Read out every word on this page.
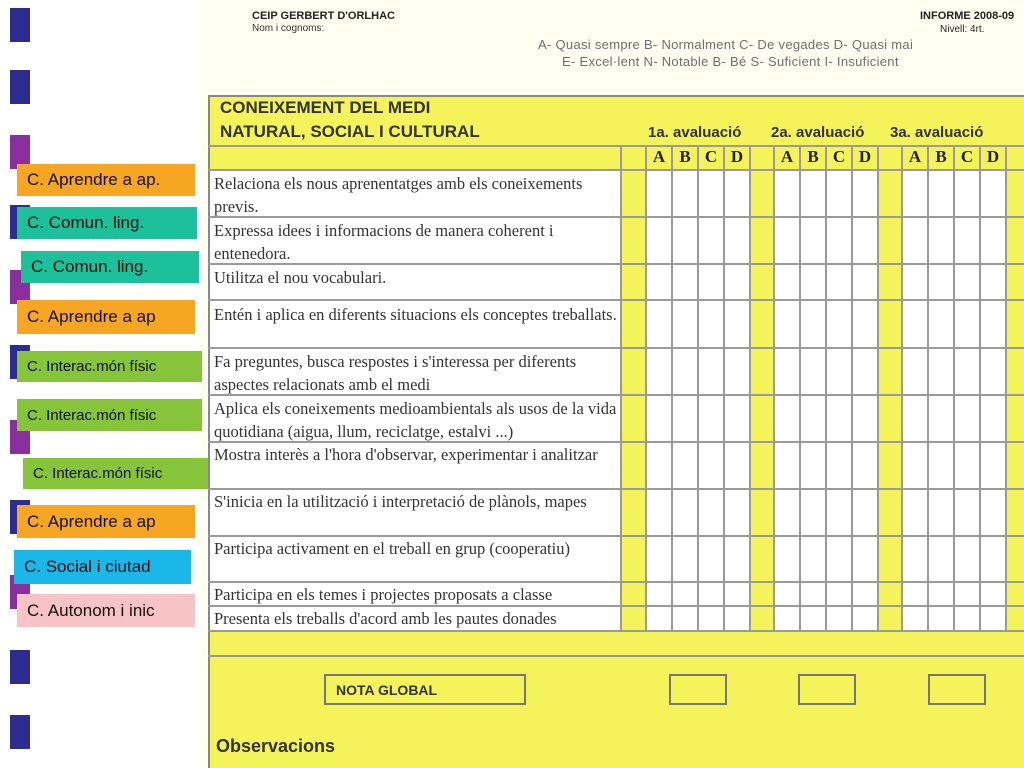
CEIP GERBERT D'ORLHAC
Nom i cognoms:
INFORME 2008-09
Nivell: 4rt.
A- Quasi sempre B- Normalment C- De vegades D- Quasi mai
E- Excel·lent N- Notable B- Bé S- Suficient I- Insuficient
CONEIXEMENT DEL MEDI
NATURAL, SOCIAL I CULTURAL	1a. avaluació 2a. avaluació 3a. avaluació
A B C D	A B C D	A B C D
Relaciona els nous aprenentatges amb els coneixements previs.
Expressa idees i informacions de manera coherent i entenedora.
Utilitza el nou vocabulari.
Entén i aplica en diferents situacions els conceptes treballats.
Fa preguntes, busca respostes i s'interessa per diferents aspectes relacionats amb el medi
Aplica els coneixements medioambientals als usos de la vida quotidiana (aigua, llum, reciclatge, estalvi ...)
Mostra interès a l'hora d'observar, experimentar i analitzar
S'inicia en la utilització i interpretació de plànols, mapes
Participa activament en el treball en grup (cooperatiu)
Participa en els temes i projectes proposats a classe
Presenta els treballs d'acord amb les pautes donades
NOTA GLOBAL
Observacions
C. Aprendre a ap.
C. Comun. ling.
C. Comun. ling.
C. Aprendre a ap
C. Interac.món físic
C. Interac.món físic
C. Interac.món físic
C. Aprendre a ap
C. Social i ciutad
C. Autonom i inic
